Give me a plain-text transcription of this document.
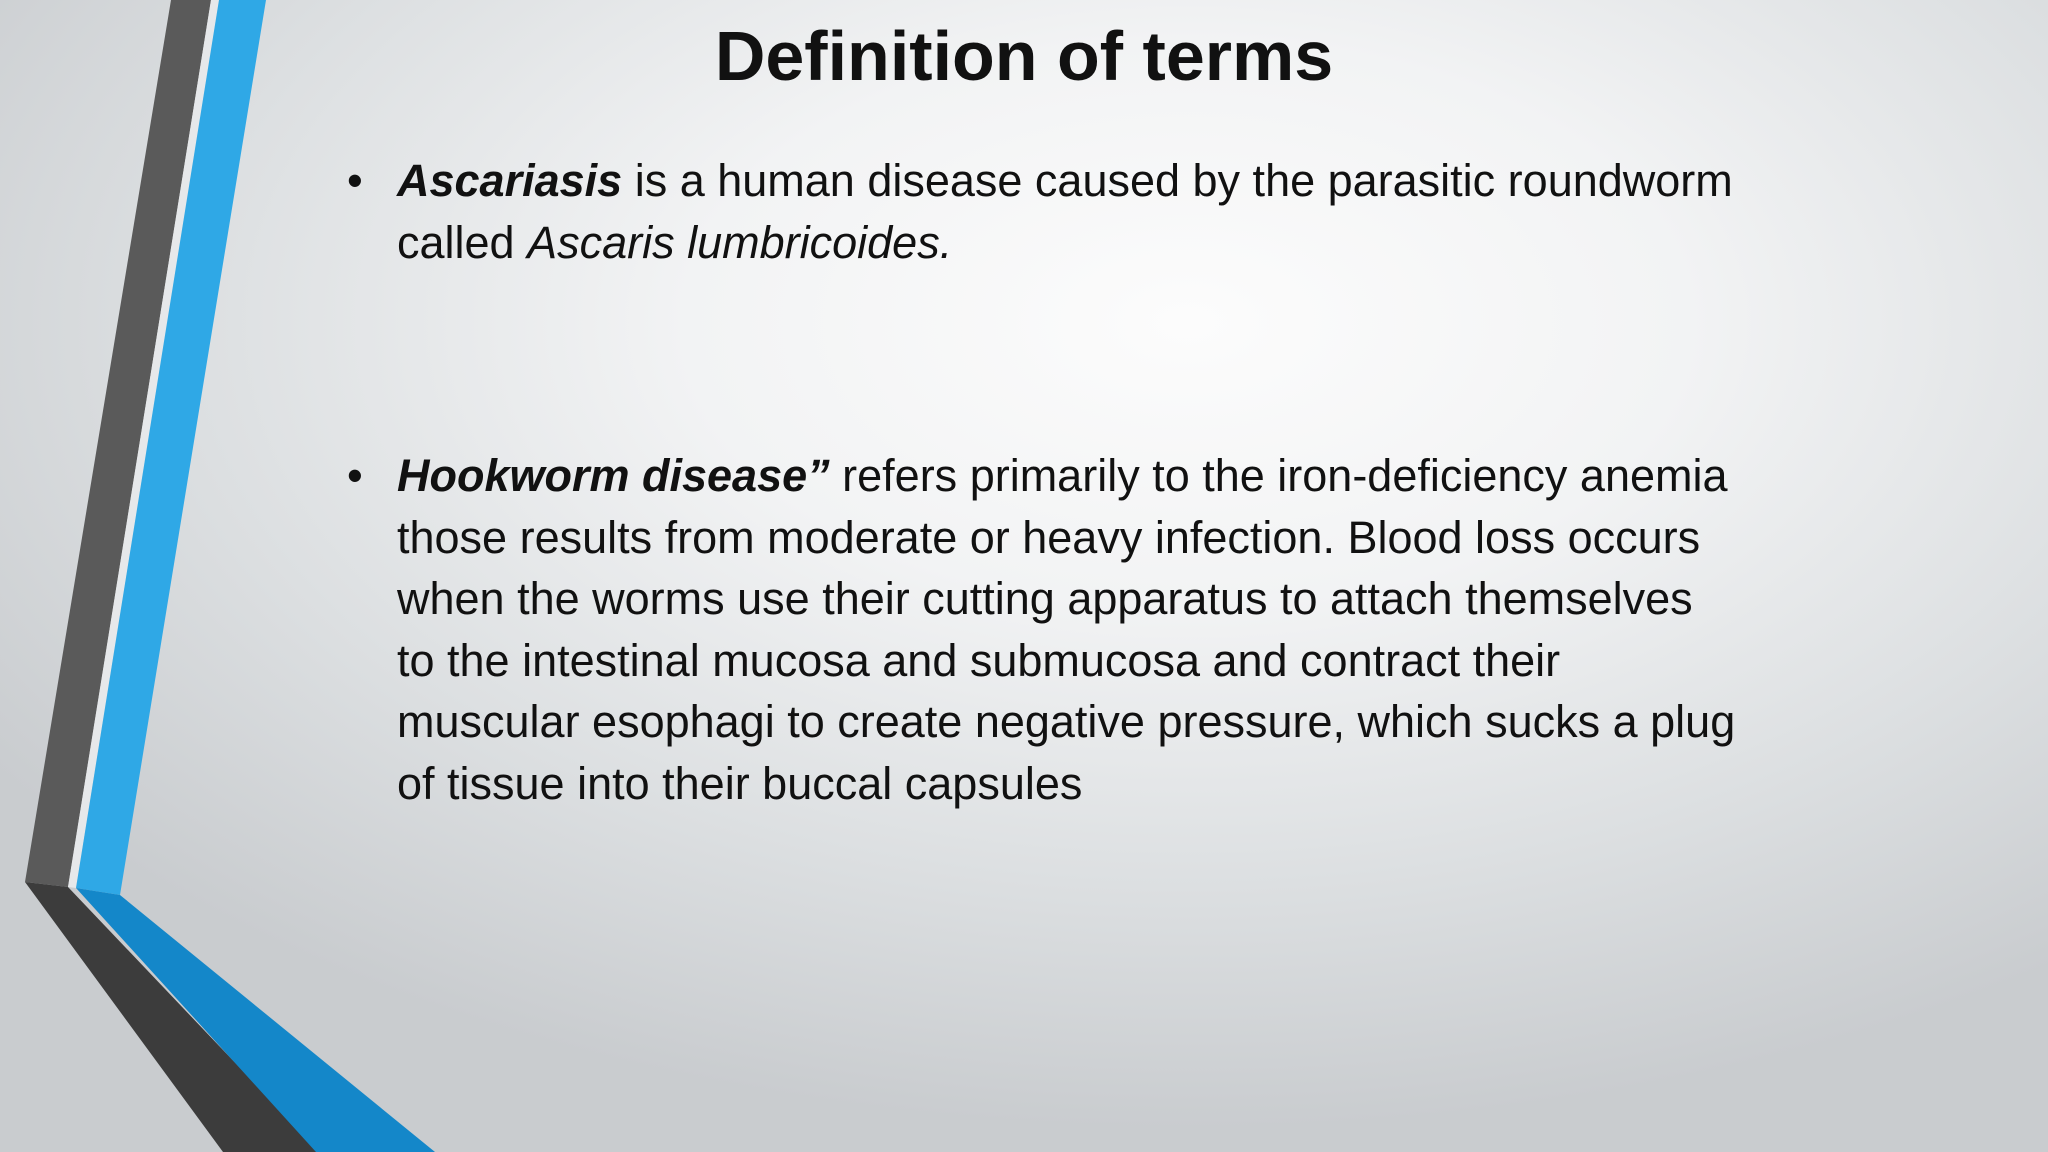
Definition of terms
• Ascariasis is a human disease caused by the parasitic roundworm called Ascaris lumbricoides.
• Hookworm disease” refers primarily to the iron-deficiency anemia those results from moderate or heavy infection. Blood loss occurs when the worms use their cutting apparatus to attach themselves to the intestinal mucosa and submucosa and contract their muscular esophagi to create negative pressure, which sucks a plug of tissue into their buccal capsules
